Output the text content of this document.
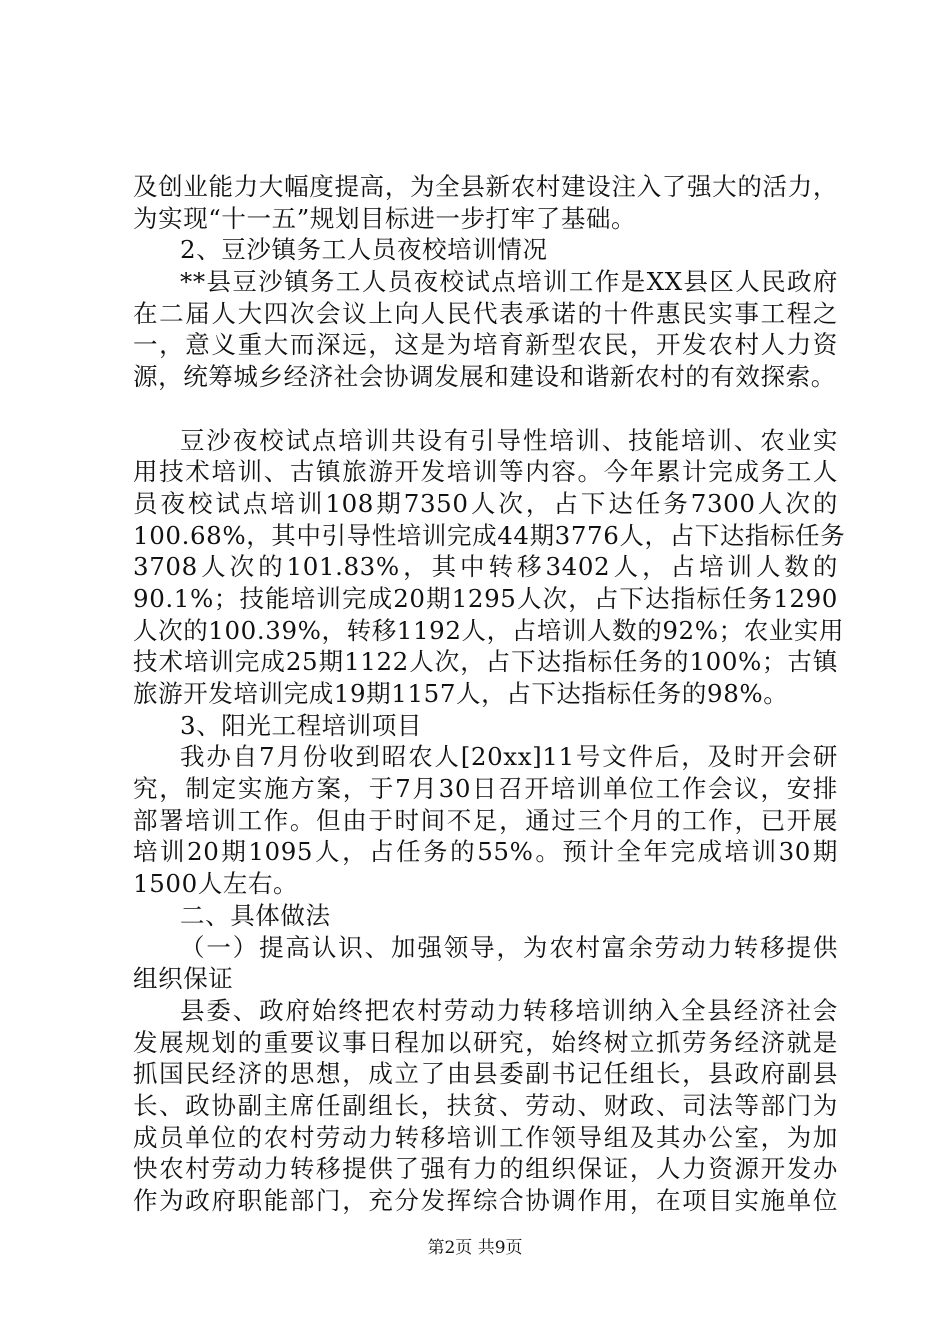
及创业能力大幅度提高，为全县新农村建设注入了强大的活力，
为实现“十一五”规划目标进一步打牢了基础。
2、豆沙镇务工人员夜校培训情况
**县豆沙镇务工人员夜校试点培训工作是XX县区人民政府
在二届人大四次会议上向人民代表承诺的十件惠民实事工程之
一，意义重大而深远，这是为培育新型农民，开发农村人力资
源，统筹城乡经济社会协调发展和建设和谐新农村的有效探索。
豆沙夜校试点培训共设有引导性培训、技能培训、农业实
用技术培训、古镇旅游开发培训等内容。今年累计完成务工人
员夜校试点培训108期7350人次，占下达任务7300人次的
100.68%，其中引导性培训完成44期3776人，占下达指标任务
3708人次的101.83%，其中转移3402人，占培训人数的
90.1%；技能培训完成20期1295人次，占下达指标任务1290
人次的100.39%，转移1192人，占培训人数的92%；农业实用
技术培训完成25期1122人次，占下达指标任务的100%；古镇
旅游开发培训完成19期1157人，占下达指标任务的98%。
3、阳光工程培训项目
我办自7月份收到昭农人[20xx]11号文件后，及时开会研
究，制定实施方案，于7月30日召开培训单位工作会议，安排
部署培训工作。但由于时间不足，通过三个月的工作，已开展
培训20期1095人，占任务的55%。预计全年完成培训30期
1500人左右。
二、具体做法
（一）提高认识、加强领导，为农村富余劳动力转移提供
组织保证
县委、政府始终把农村劳动力转移培训纳入全县经济社会
发展规划的重要议事日程加以研究，始终树立抓劳务经济就是
抓国民经济的思想，成立了由县委副书记任组长，县政府副县
长、政协副主席任副组长，扶贫、劳动、财政、司法等部门为
成员单位的农村劳动力转移培训工作领导组及其办公室，为加
快农村劳动力转移提供了强有力的组织保证，人力资源开发办
作为政府职能部门，充分发挥综合协调作用，在项目实施单位
第2页 共9页
